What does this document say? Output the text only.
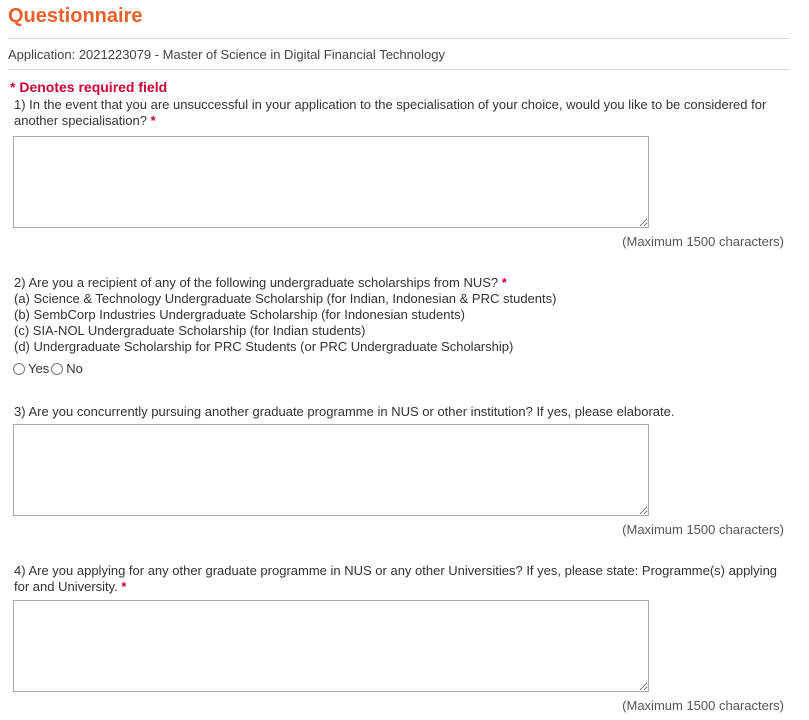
Questionnaire
Application: 2021223079 - Master of Science in Digital Financial Technology
* Denotes required field
1) In the event that you are unsuccessful in your application to the specialisation of your choice, would you like to be considered for another specialisation? *
(Maximum 1500 characters)
2) Are you a recipient of any of the following undergraduate scholarships from NUS? *
(a) Science & Technology Undergraduate Scholarship (for Indian, Indonesian & PRC students)
(b) SembCorp Industries Undergraduate Scholarship (for Indonesian students)
(c) SIA-NOL Undergraduate Scholarship (for Indian students)
(d) Undergraduate Scholarship for PRC Students (or PRC Undergraduate Scholarship)
Yes No
3) Are you concurrently pursuing another graduate programme in NUS or other institution? If yes, please elaborate.
(Maximum 1500 characters)
4) Are you applying for any other graduate programme in NUS or any other Universities? If yes, please state: Programme(s) applying for and University. *
(Maximum 1500 characters)
